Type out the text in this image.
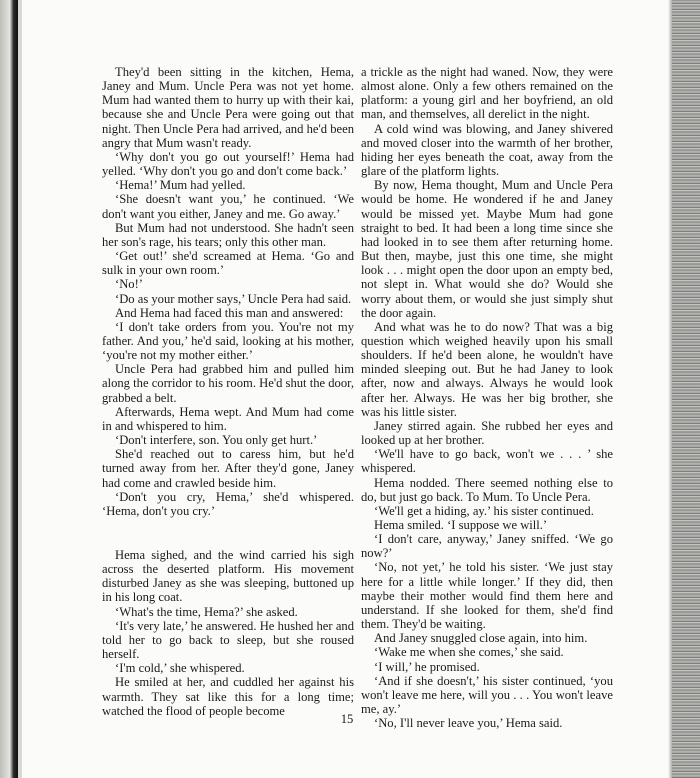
They'd been sitting in the kitchen, Hema, Janey and Mum. Uncle Pera was not yet home. Mum had wanted them to hurry up with their kai, because she and Uncle Pera were going out that night. Then Uncle Pera had arrived, and he'd been angry that Mum wasn't ready.

‘Why don't you go out yourself!’ Hema had yelled. ‘Why don't you go and don't come back.’

‘Hema!’ Mum had yelled.

‘She doesn't want you,’ he continued. ‘We don't want you either, Janey and me. Go away.’

But Mum had not understood. She hadn't seen her son's rage, his tears; only this other man.

‘Get out!’ she'd screamed at Hema. ‘Go and sulk in your own room.’

‘No!’

‘Do as your mother says,’ Uncle Pera had said.

And Hema had faced this man and answered:

‘I don't take orders from you. You're not my father. And you,’ he'd said, looking at his mother, ‘you're not my mother either.’

Uncle Pera had grabbed him and pulled him along the corridor to his room. He'd shut the door, grabbed a belt.

Afterwards, Hema wept. And Mum had come in and whispered to him.

‘Don't interfere, son. You only get hurt.’

She'd reached out to caress him, but he'd turned away from her. After they'd gone, Janey had come and crawled beside him.

‘Don't you cry, Hema,’ she'd whispered. ‘Hema, don't you cry.’

Hema sighed, and the wind carried his sigh across the deserted platform. His movement disturbed Janey as she was sleeping, buttoned up in his long coat.

‘What's the time, Hema?’ she asked.

‘It's very late,’ he answered. He hushed her and told her to go back to sleep, but she roused herself.

‘I'm cold,’ she whispered.

He smiled at her, and cuddled her against his warmth. They sat like this for a long time; watched the flood of people become

a trickle as the night had waned. Now, they were almost alone. Only a few others remained on the platform: a young girl and her boyfriend, an old man, and themselves, all derelict in the night.

A cold wind was blowing, and Janey shivered and moved closer into the warmth of her brother, hiding her eyes beneath the coat, away from the glare of the platform lights.

By now, Hema thought, Mum and Uncle Pera would be home. He wondered if he and Janey would be missed yet. Maybe Mum had gone straight to bed. It had been a long time since she had looked in to see them after returning home. But then, maybe, just this one time, she might look . . . might open the door upon an empty bed, not slept in. What would she do? Would she worry about them, or would she just simply shut the door again.

And what was he to do now? That was a big question which weighed heavily upon his small shoulders. If he'd been alone, he wouldn't have minded sleeping out. But he had Janey to look after, now and always. Always he would look after her. Always. He was her big brother, she was his little sister.

Janey stirred again. She rubbed her eyes and looked up at her brother.

‘We'll have to go back, won't we . . . ’ she whispered.

Hema nodded. There seemed nothing else to do, but just go back. To Mum. To Uncle Pera.

‘We'll get a hiding, ay.’ his sister continued.

Hema smiled. ‘I suppose we will.’

‘I don't care, anyway,’ Janey sniffed. ‘We go now?’

‘No, not yet,’ he told his sister. ‘We just stay here for a little while longer.’ If they did, then maybe their mother would find them here and understand. If she looked for them, she'd find them. They'd be waiting.

And Janey snuggled close again, into him.

‘Wake me when she comes,’ she said.

‘I will,’ he promised.

‘And if she doesn't,’ his sister continued, ‘you won't leave me here, will you . . . You won't leave me, ay.’

‘No, I'll never leave you,’ Hema said.

15
